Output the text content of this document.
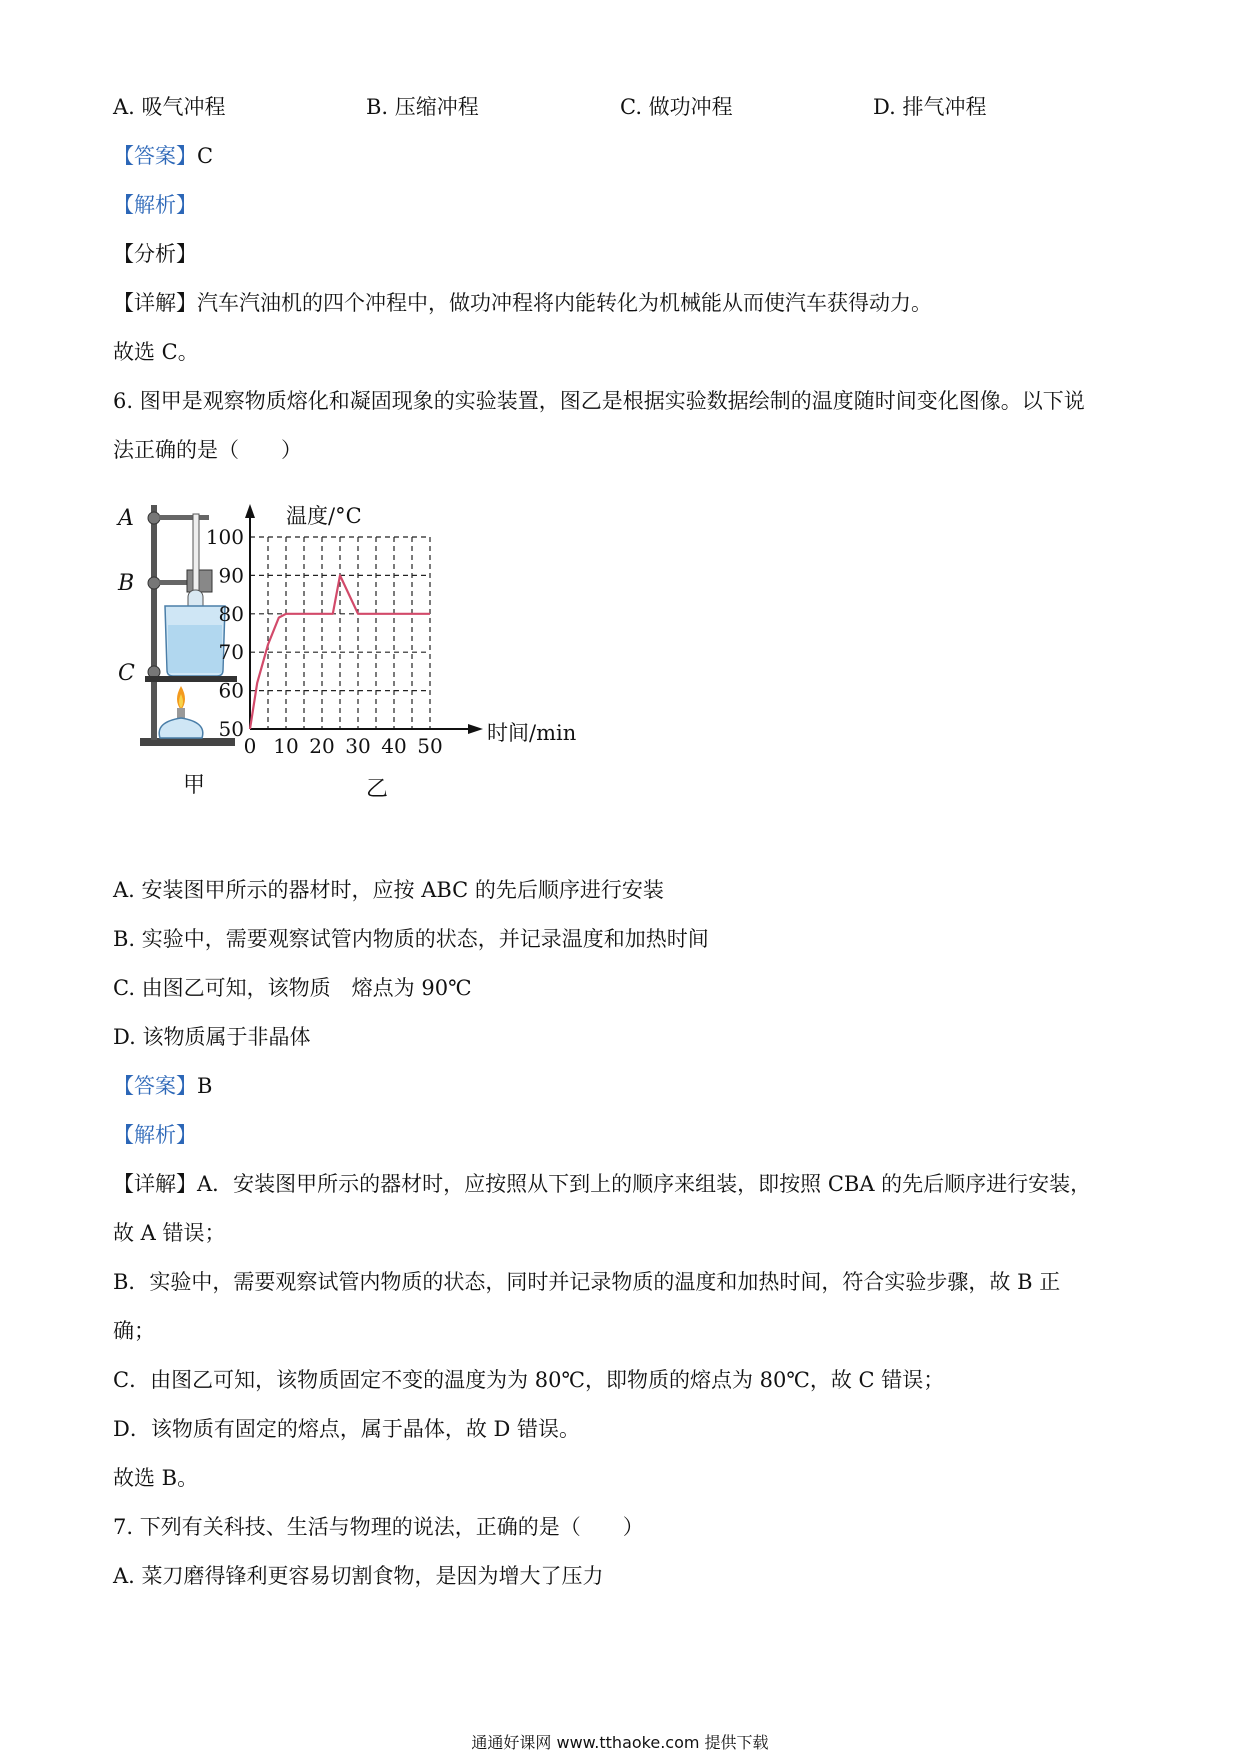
A. 吸气冲程	B. 压缩冲程	C. 做功冲程	D. 排气冲程
【答案】C
【解析】
【分析】
【详解】汽车汽油机的四个冲程中，做功冲程将内能转化为机械能从而使汽车获得动力。
故选 C。
6. 图甲是观察物质熔化和凝固现象的实验装置，图乙是根据实验数据绘制的温度随时间变化图像。以下说
法正确的是（　　）
A
B
C
甲
50
60
70
80
90
100
0 10 20 30 40 50
温度/°C
时间/min
乙
A. 安装图甲所示的器材时，应按 ABC 的先后顺序进行安装
B. 实验中，需要观察试管内物质的状态，并记录温度和加热时间
C. 由图乙可知，该物质　熔点为 90℃
D. 该物质属于非晶体
【答案】B
【解析】
【详解】A．安装图甲所示的器材时，应按照从下到上的顺序来组装，即按照 CBA 的先后顺序进行安装，
故 A 错误；
B．实验中，需要观察试管内物质的状态，同时并记录物质的温度和加热时间，符合实验步骤，故 B 正
确；
C．由图乙可知，该物质固定不变的温度为为 80℃，即物质的熔点为 80℃，故 C 错误；
D．该物质有固定的熔点，属于晶体，故 D 错误。
故选 B。
7. 下列有关科技、生活与物理的说法，正确的是（　　）
A. 菜刀磨得锋利更容易切割食物，是因为增大了压力
通通好课网 www.tthaoke.com 提供下载
